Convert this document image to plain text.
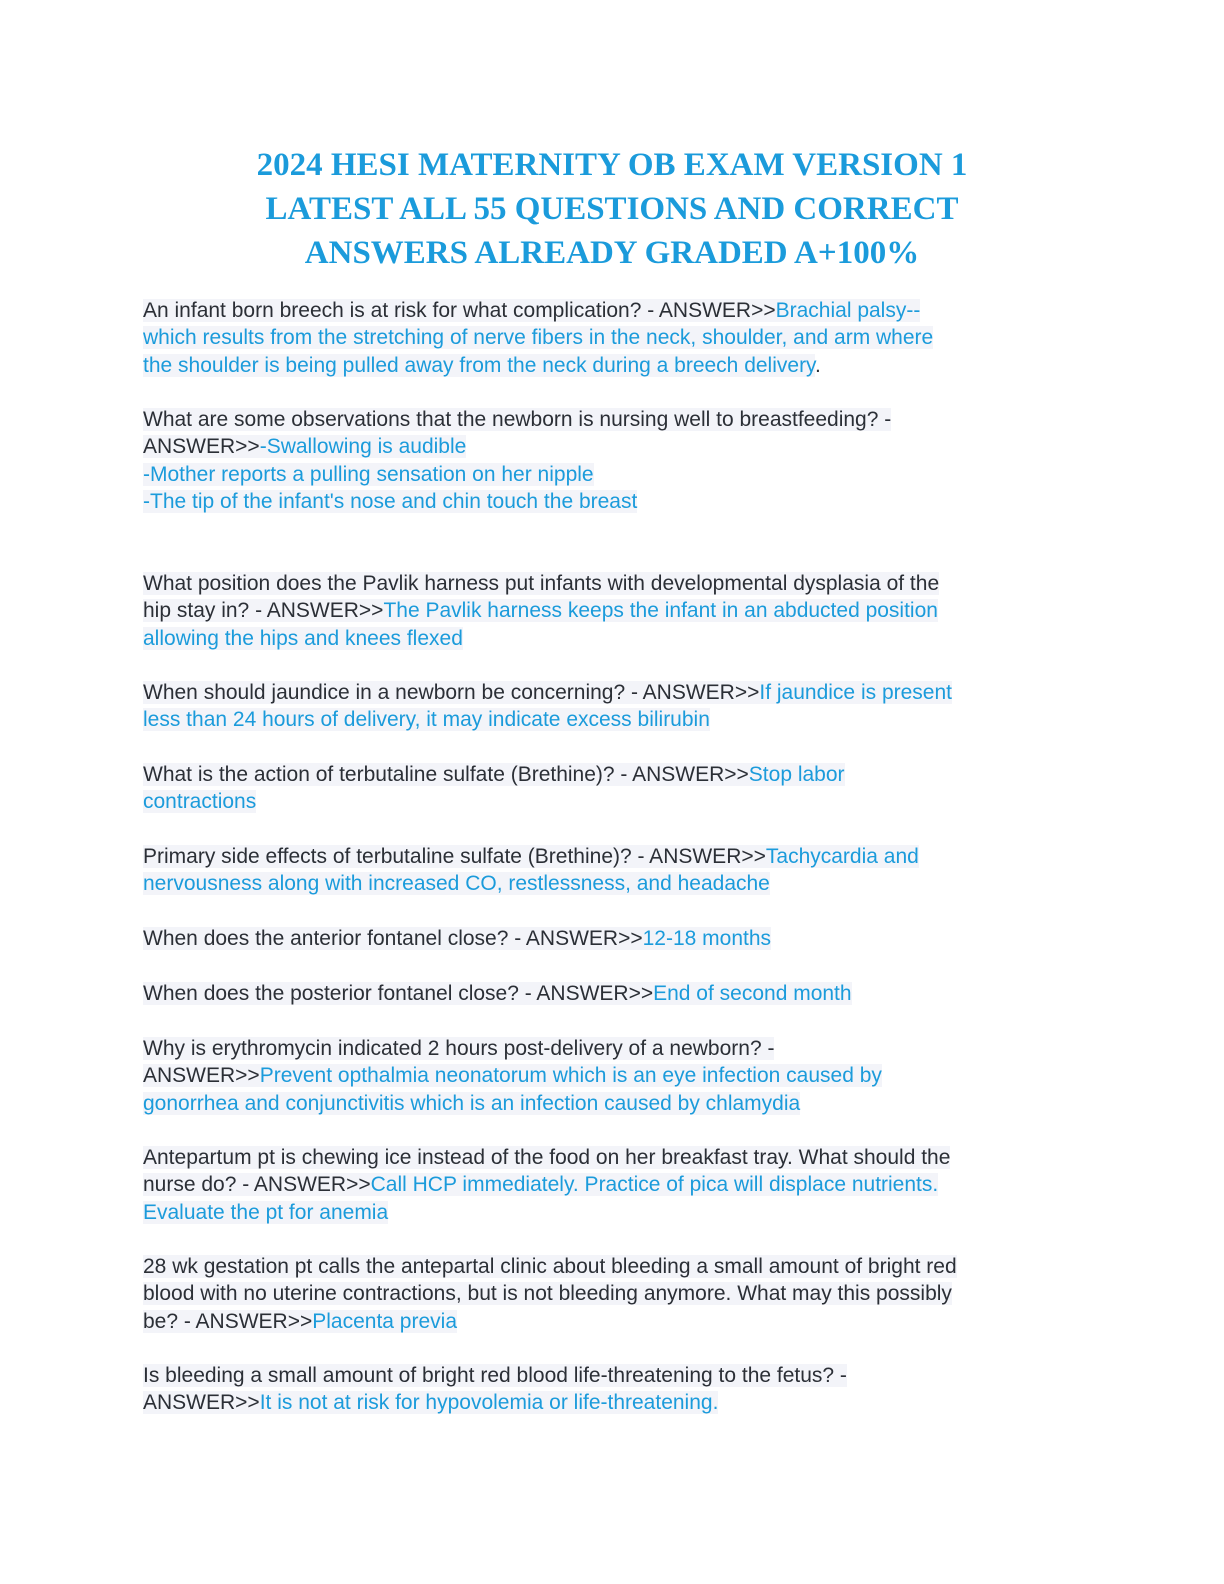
2024 HESI MATERNITY OB EXAM VERSION 1
LATEST ALL 55 QUESTIONS AND CORRECT
ANSWERS ALREADY GRADED A+100%
An infant born breech is at risk for what complication? - ANSWER>>Brachial palsy--
which results from the stretching of nerve fibers in the neck, shoulder, and arm where
the shoulder is being pulled away from the neck during a breech delivery.
What are some observations that the newborn is nursing well to breastfeeding? -
ANSWER>>-Swallowing is audible
-Mother reports a pulling sensation on her nipple
-The tip of the infant's nose and chin touch the breast
What position does the Pavlik harness put infants with developmental dysplasia of the
hip stay in? - ANSWER>>The Pavlik harness keeps the infant in an abducted position
allowing the hips and knees flexed
When should jaundice in a newborn be concerning? - ANSWER>>If jaundice is present
less than 24 hours of delivery, it may indicate excess bilirubin
What is the action of terbutaline sulfate (Brethine)? - ANSWER>>Stop labor
contractions
Primary side effects of terbutaline sulfate (Brethine)? - ANSWER>>Tachycardia and
nervousness along with increased CO, restlessness, and headache
When does the anterior fontanel close? - ANSWER>>12-18 months
When does the posterior fontanel close? - ANSWER>>End of second month
Why is erythromycin indicated 2 hours post-delivery of a newborn? -
ANSWER>>Prevent opthalmia neonatorum which is an eye infection caused by
gonorrhea and conjunctivitis which is an infection caused by chlamydia
Antepartum pt is chewing ice instead of the food on her breakfast tray. What should the
nurse do? - ANSWER>>Call HCP immediately. Practice of pica will displace nutrients.
Evaluate the pt for anemia
28 wk gestation pt calls the antepartal clinic about bleeding a small amount of bright red
blood with no uterine contractions, but is not bleeding anymore. What may this possibly
be? - ANSWER>>Placenta previa
Is bleeding a small amount of bright red blood life-threatening to the fetus? -
ANSWER>>It is not at risk for hypovolemia or life-threatening.
